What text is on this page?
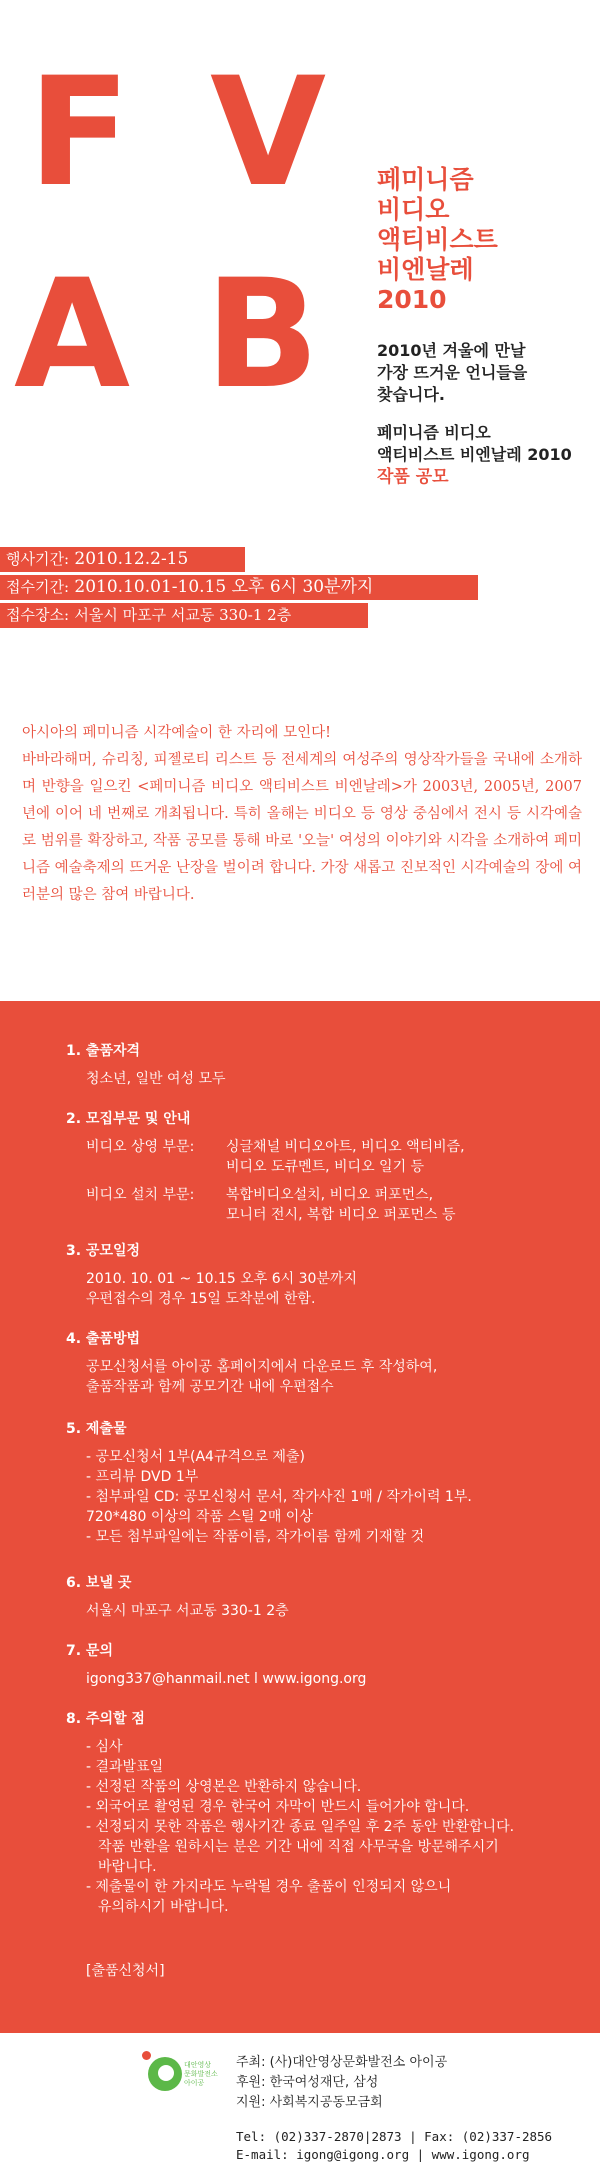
F V
A B
페미니즘
비디오
액티비스트
비엔날레
2010
2010년 겨울에 만날
가장 뜨거운 언니들을
찾습니다.
페미니즘 비디오
액티비스트 비엔날레 2010
작품 공모
행사기간: 2010.12.2-15
접수기간: 2010.10.01-10.15 오후 6시 30분까지
접수장소: 서울시 마포구 서교동 330-1 2층
아시아의 페미니즘 시각예술이 한 자리에 모인다!
바바라해머, 슈리칭, 피젤로티 리스트 등 전세계의 여성주의 영상작가들을 국내에 소개하며 반향을 일으킨 <페미니즘 비디오 액티비스트 비엔날레>가 2003년, 2005년, 2007년에 이어 네 번째로 개최됩니다. 특히 올해는 비디오 등 영상 중심에서 전시 등 시각예술로 범위를 확장하고, 작품 공모를 통해 바로 '오늘' 여성의 이야기와 시각을 소개하여 페미니즘 예술축제의 뜨거운 난장을 벌이려 합니다. 가장 새롭고 진보적인 시각예술의 장에 여러분의 많은 참여 바랍니다.
1. 출품자격
청소년, 일반 여성 모두
2. 모집부문 및 안내
비디오 상영 부문:	싱글채널 비디오아트, 비디오 액티비즘,
비디오 도큐멘트, 비디오 일기 등
비디오 설치 부문:	복합비디오설치, 비디오 퍼포먼스,
모니터 전시, 복합 비디오 퍼포먼스 등
3. 공모일정
2010. 10. 01 ~ 10.15 오후 6시 30분까지
우편접수의 경우 15일 도착분에 한함.
4. 출품방법
공모신청서를 아이공 홈페이지에서 다운로드 후 작성하여,
출품작품과 함께 공모기간 내에 우편접수
5. 제출물
- 공모신청서 1부(A4규격으로 제출)
- 프리뷰 DVD 1부
- 첨부파일 CD: 공모신청서 문서, 작가사진 1매 / 작가이력 1부.
720*480 이상의 작품 스틸 2매 이상
- 모든 첨부파일에는 작품이름, 작가이름 함께 기재할 것
6. 보낼 곳
서울시 마포구 서교동 330-1 2층
7. 문의
igong337@hanmail.net l www.igong.org
8. 주의할 점
- 심사
- 결과발표일
- 선정된 작품의 상영본은 반환하지 않습니다.
- 외국어로 촬영된 경우 한국어 자막이 반드시 들어가야 합니다.
- 선정되지 못한 작품은 행사기간 종료 일주일 후 2주 동안 반환합니다.
작품 반환을 원하시는 분은 기간 내에 직접 사무국을 방문해주시기
바랍니다.
- 제출물이 한 가지라도 누락될 경우 출품이 인정되지 않으니
유의하시기 바랍니다.
[출품신청서]
대안영상
문화발전소
아이공
주최: (사)대안영상문화발전소 아이공
후원: 한국여성재단, 삼성
지원: 사회복지공동모금회
Tel: (02)337-2870|2873 | Fax: (02)337-2856
E-mail: igong@igong.org | www.igong.org
